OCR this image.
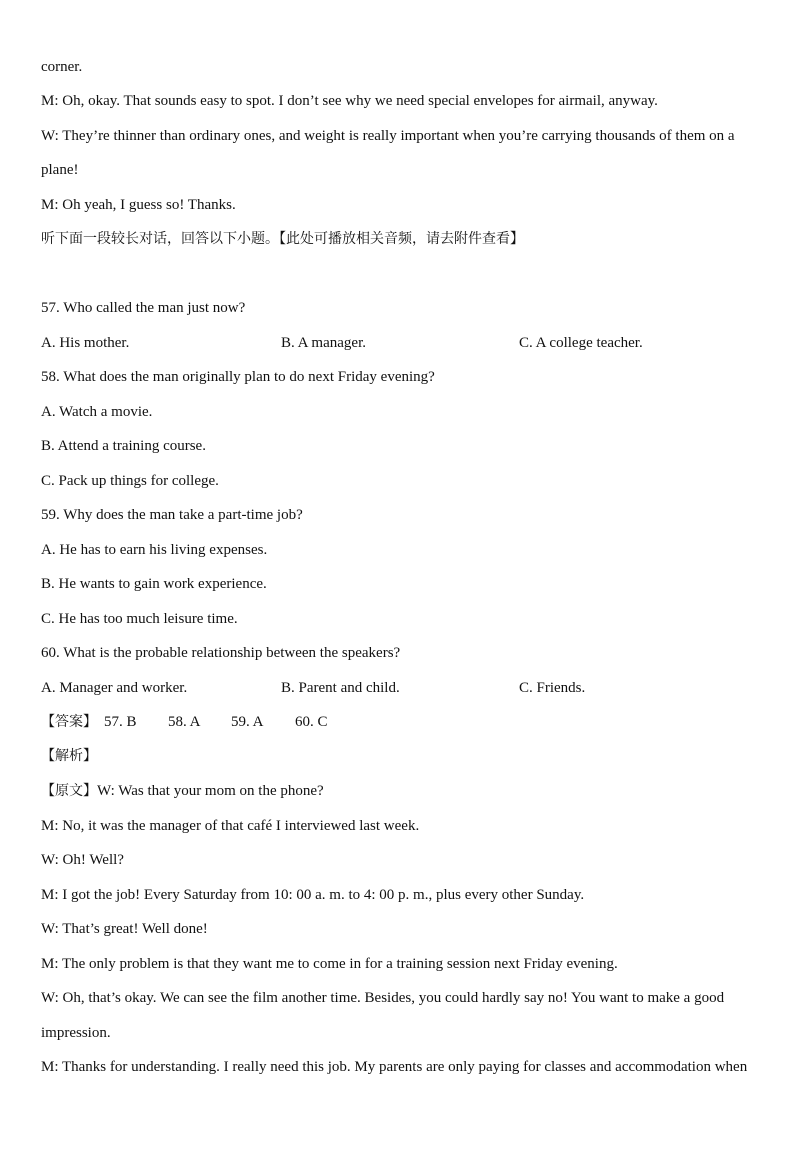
corner.
M: Oh, okay. That sounds easy to spot. I don’t see why we need special envelopes for airmail, anyway.
W: They’re thinner than ordinary ones, and weight is really important when you’re carrying thousands of them on a
plane!
M: Oh yeah, I guess so! Thanks.
听下面一段较长对话，回答以下小题。【此处可播放相关音频，请去附件查看】
57. Who called the man just now?
A. His mother.	B. A manager.	C. A college teacher.
58. What does the man originally plan to do next Friday evening?
A. Watch a movie.
B. Attend a training course.
C. Pack up things for college.
59. Why does the man take a part-time job?
A. He has to earn his living expenses.
B. He wants to gain work experience.
C. He has too much leisure time.
60. What is the probable relationship between the speakers?
A. Manager and worker.	B. Parent and child.	C. Friends.
【答案】 57. B 58. A 59. A 60. C
【解析】
【原文】W: Was that your mom on the phone?
M: No, it was the manager of that café I interviewed last week.
W: Oh! Well?
M: I got the job! Every Saturday from 10: 00 a. m. to 4: 00 p. m., plus every other Sunday.
W: That’s great! Well done!
M: The only problem is that they want me to come in for a training session next Friday evening.
W: Oh, that’s okay. We can see the film another time. Besides, you could hardly say no! You want to make a good
impression.
M: Thanks for understanding. I really need this job. My parents are only paying for classes and accommodation when
